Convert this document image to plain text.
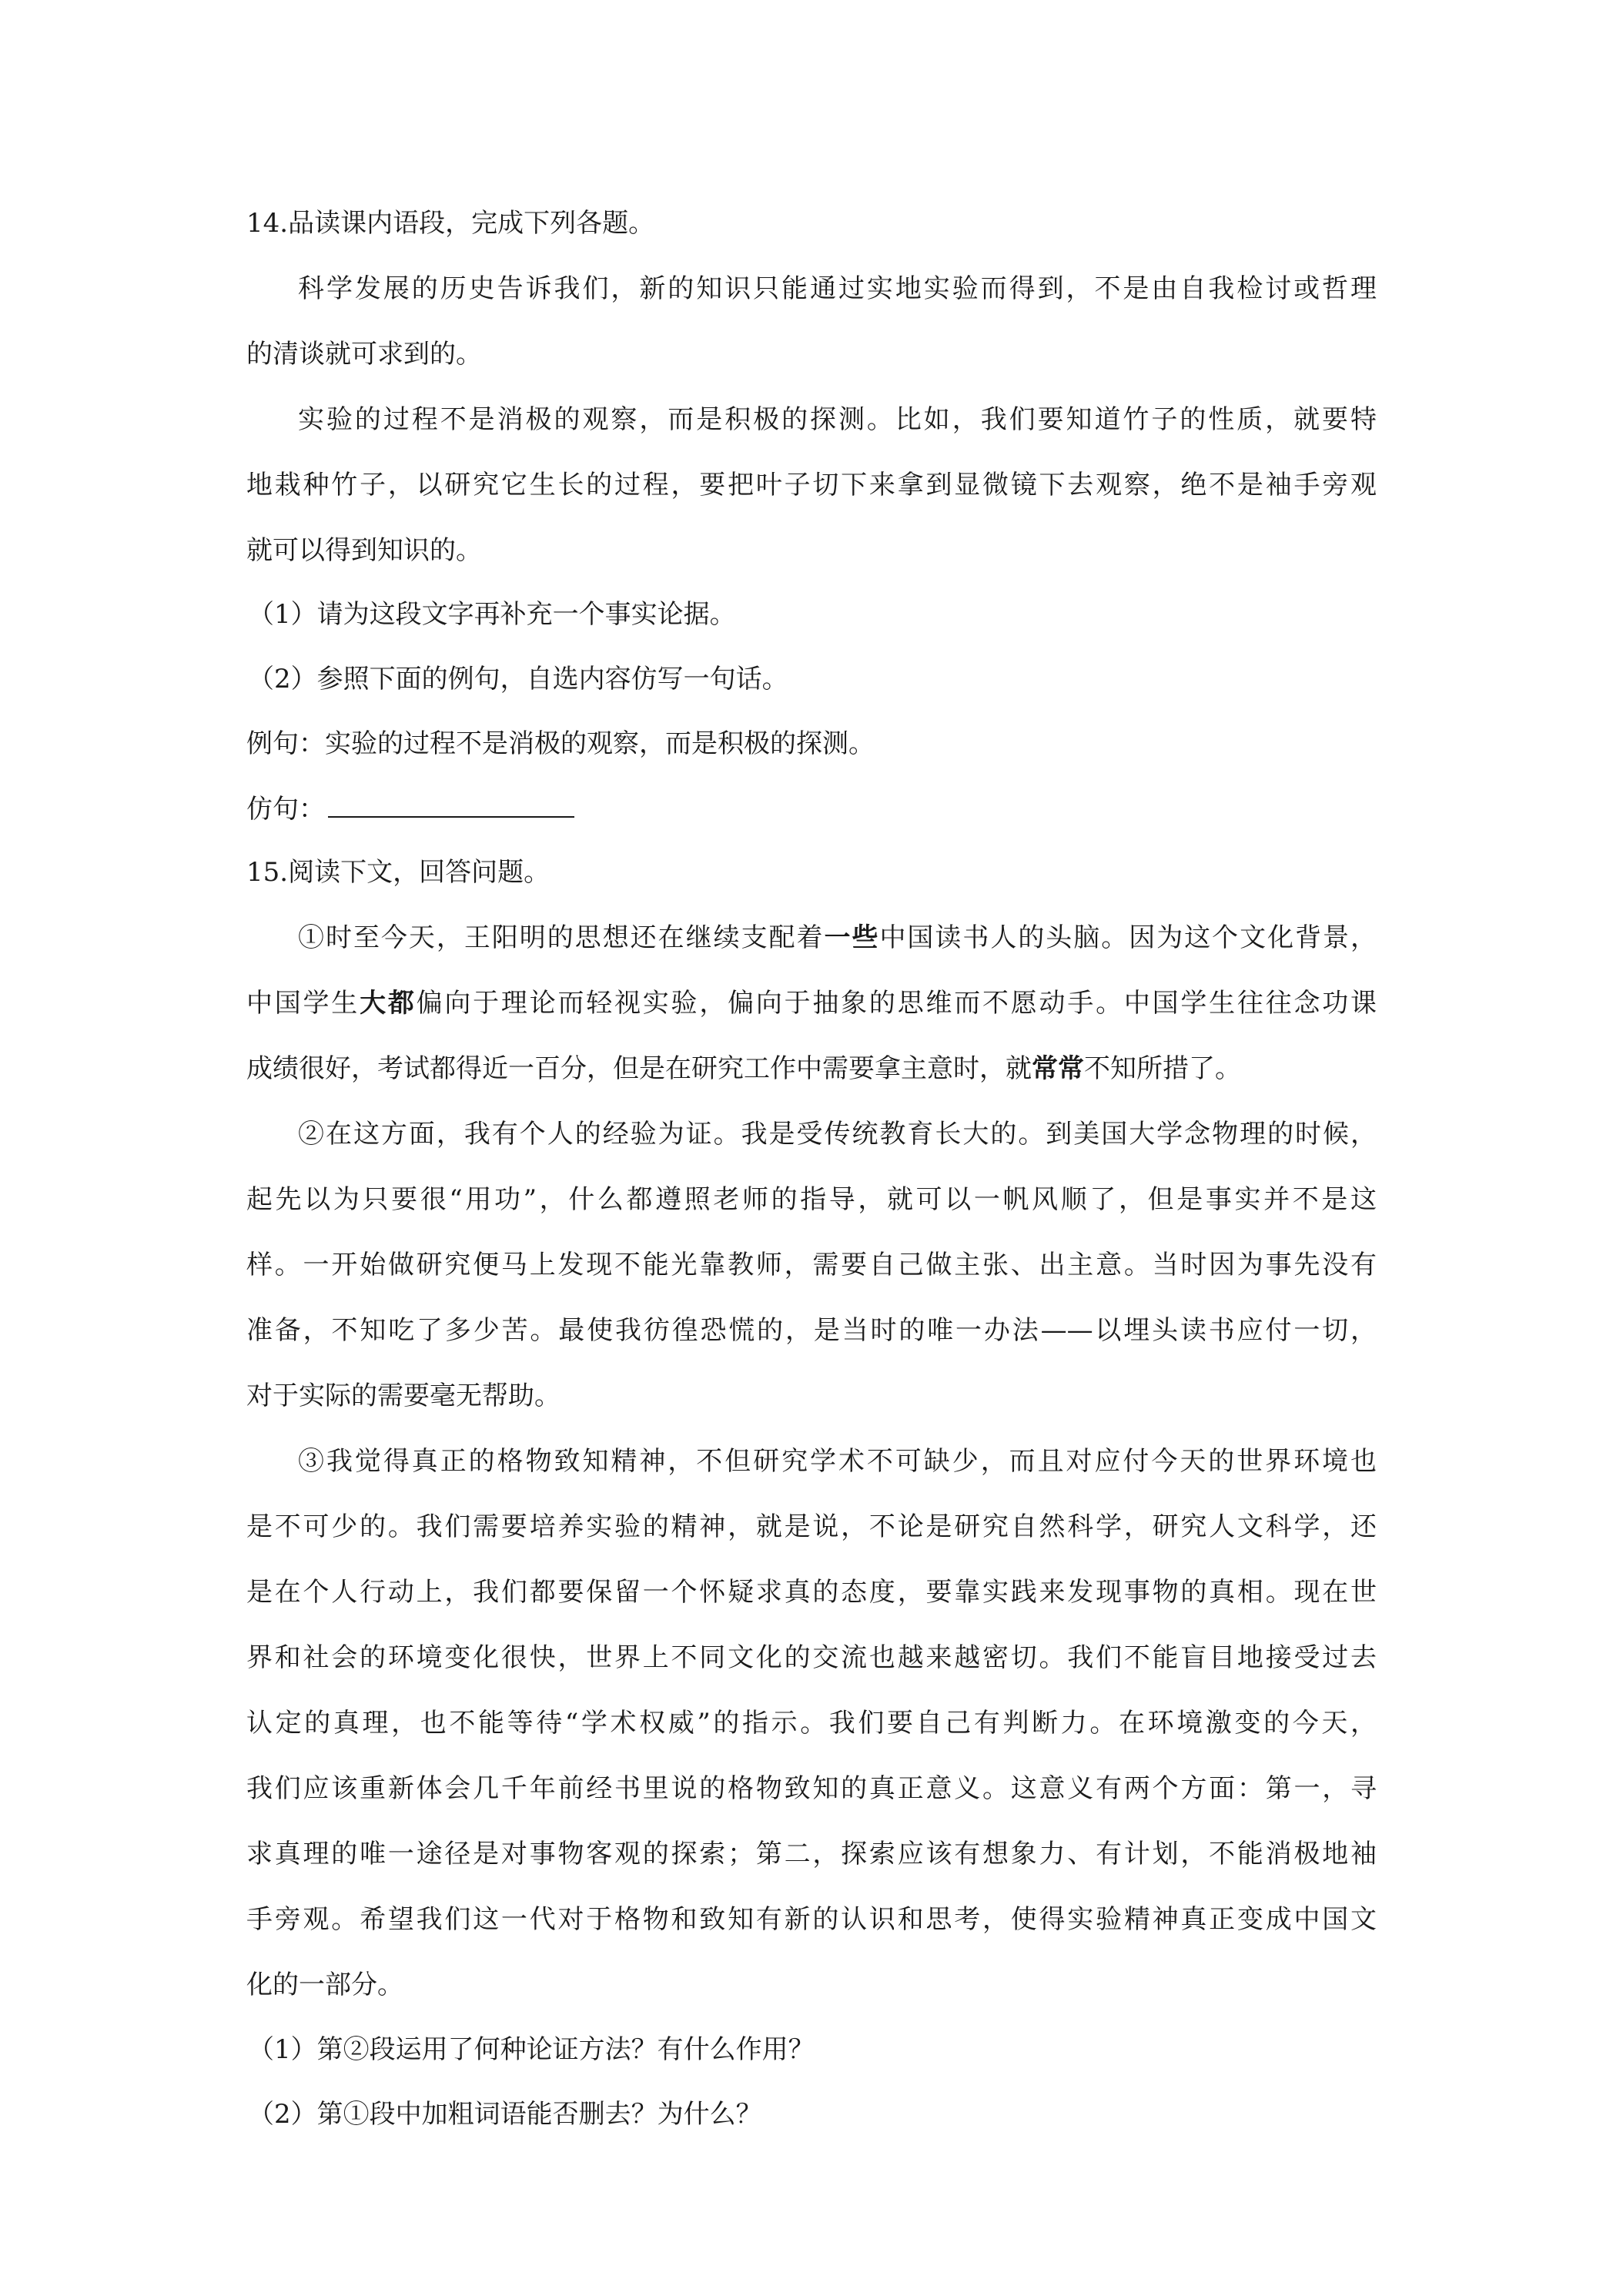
14.品读课内语段，完成下列各题。
科学发展的历史告诉我们，新的知识只能通过实地实验而得到，不是由自我检讨或哲理
的清谈就可求到的。
实验的过程不是消极的观察，而是积极的探测。比如，我们要知道竹子的性质，就要特
地栽种竹子，以研究它生长的过程，要把叶子切下来拿到显微镜下去观察，绝不是袖手旁观
就可以得到知识的。
（1）请为这段文字再补充一个事实论据。
（2）参照下面的例句，自选内容仿写一句话。
例句：实验的过程不是消极的观察，而是积极的探测。
仿句：
15.阅读下文，回答问题。
①时至今天，王阳明的思想还在继续支配着一些中国读书人的头脑。因为这个文化背景，
中国学生大都偏向于理论而轻视实验，偏向于抽象的思维而不愿动手。中国学生往往念功课
成绩很好，考试都得近一百分，但是在研究工作中需要拿主意时，就常常不知所措了。
②在这方面，我有个人的经验为证。我是受传统教育长大的。到美国大学念物理的时候，
起先以为只要很“用功”，什么都遵照老师的指导，就可以一帆风顺了，但是事实并不是这
样。一开始做研究便马上发现不能光靠教师，需要自己做主张、出主意。当时因为事先没有
准备，不知吃了多少苦。最使我彷徨恐慌的，是当时的唯一办法——以埋头读书应付一切，
对于实际的需要毫无帮助。
③我觉得真正的格物致知精神，不但研究学术不可缺少，而且对应付今天的世界环境也
是不可少的。我们需要培养实验的精神，就是说，不论是研究自然科学，研究人文科学，还
是在个人行动上，我们都要保留一个怀疑求真的态度，要靠实践来发现事物的真相。现在世
界和社会的环境变化很快，世界上不同文化的交流也越来越密切。我们不能盲目地接受过去
认定的真理，也不能等待“学术权威”的指示。我们要自己有判断力。在环境激变的今天，
我们应该重新体会几千年前经书里说的格物致知的真正意义。这意义有两个方面：第一，寻
求真理的唯一途径是对事物客观的探索；第二，探索应该有想象力、有计划，不能消极地袖
手旁观。希望我们这一代对于格物和致知有新的认识和思考，使得实验精神真正变成中国文
化的一部分。
（1）第②段运用了何种论证方法？有什么作用？
（2）第①段中加粗词语能否删去？为什么？
